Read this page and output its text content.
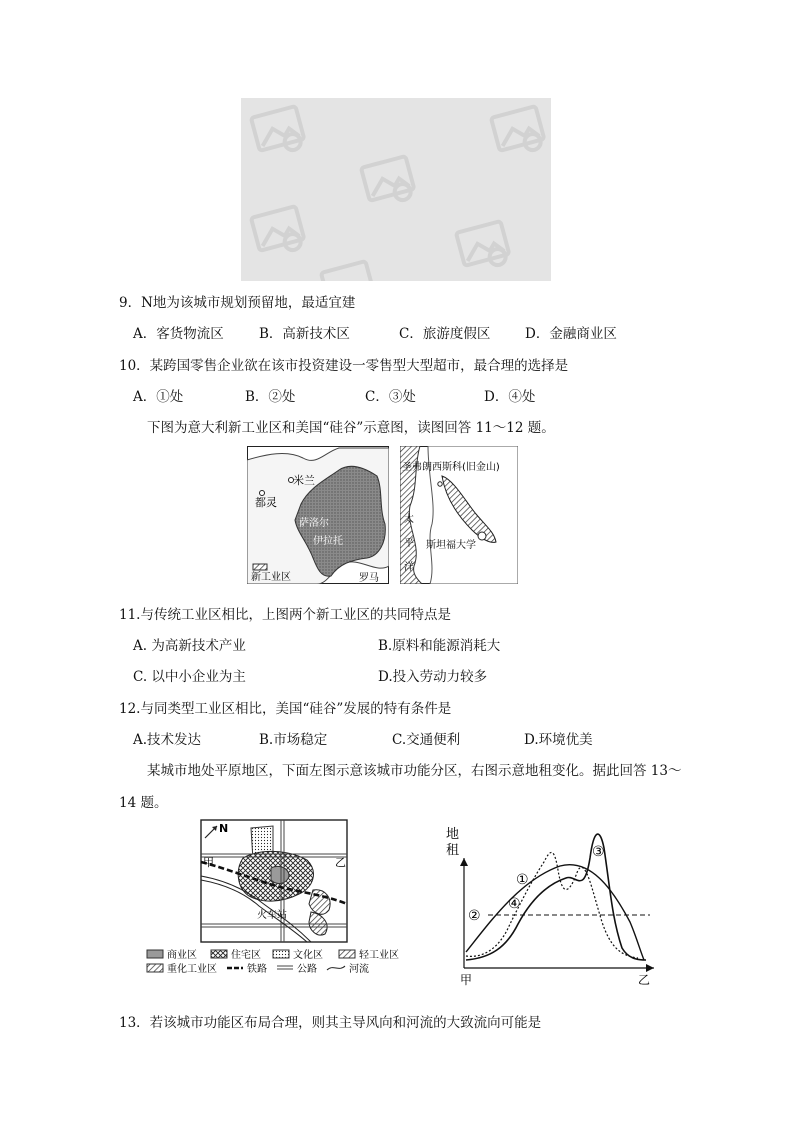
9．N地为该城市规划预留地，最适宜建
A．客货物流区	B．高新技术区	C．旅游度假区	D．金融商业区
10．某跨国零售企业欲在该市投资建设一零售型大型超市，最合理的选择是
A．①处	B．②处	C．③处	D．④处
下图为意大利新工业区和美国“硅谷”示意图，读图回答 11～12 题。
米兰
都灵
萨洛尔
伊拉托
新工业区	罗马
圣弗朗西斯科(旧金山)
太
平
洋
斯坦福大学
11.与传统工业区相比，上图两个新工业区的共同特点是
A. 为高新技术产业	B.原料和能源消耗大
C. 以中小企业为主	D.投入劳动力较多
12.与同类型工业区相比，美国“硅谷”发展的特有条件是
A.技术发达	B.市场稳定	C.交通便利	D.环境优美
某城市地处平原地区，下面左图示意该城市功能分区，右图示意地租变化。据此回答 13～
14 题。
N
甲	乙
火车站
商业区	住宅区	文化区	轻工业区
重化工业区	铁路	公路	河流
地
租
①
②
③
④
甲	乙
13．若该城市功能区布局合理，则其主导风向和河流的大致流向可能是
